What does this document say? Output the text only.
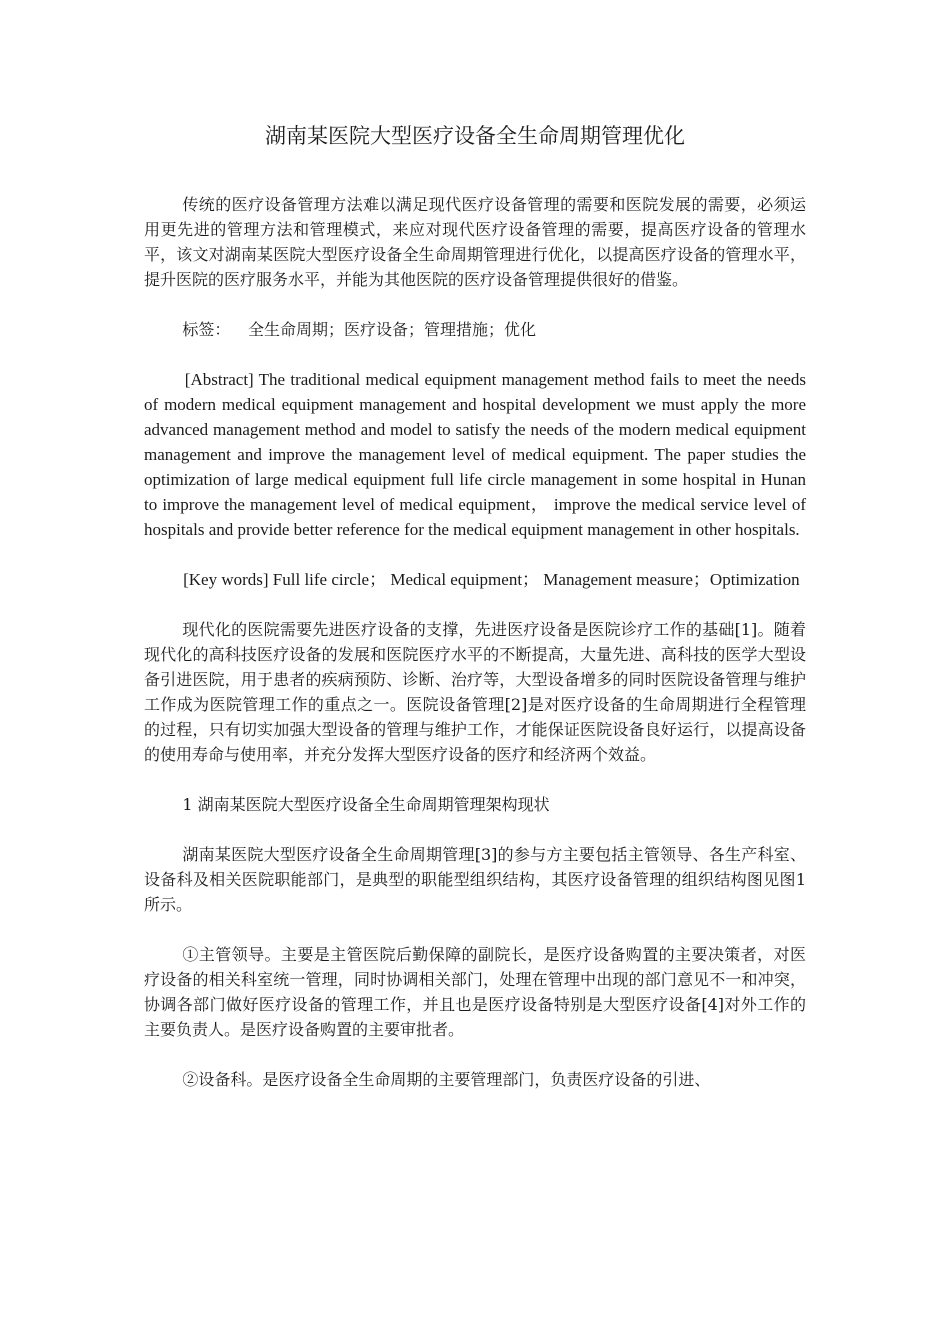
湖南某医院大型医疗设备全生命周期管理优化

传统的医疗设备管理方法难以满足现代医疗设备管理的需要和医院发展的需要，必须运用更先进的管理方法和管理模式，来应对现代医疗设备管理的需要，提高医疗设备的管理水平，该文对湖南某医院大型医疗设备全生命周期管理进行优化，以提高医疗设备的管理水平，提升医院的医疗服务水平，并能为其他医院的医疗设备管理提供很好的借鉴。

标签： 全生命周期；医疗设备；管理措施；优化

[Abstract] The traditional medical equipment management method fails to meet the needs of modern medical equipment management and hospital development we must apply the more advanced management method and model to satisfy the needs of the modern medical equipment management and improve the management level of medical equipment. The paper studies the optimization of large medical equipment full life circle management in some hospital in Hunan to improve the management level of medical equipment， improve the medical service level of hospitals and provide better reference for the medical equipment management in other hospitals.

[Key words] Full life circle； Medical equipment； Management measure；Optimization

现代化的医院需要先进医疗设备的支撑，先进医疗设备是医院诊疗工作的基础[1]。随着现代化的高科技医疗设备的发展和医院医疗水平的不断提高，大量先进、高科技的医学大型设备引进医院，用于患者的疾病预防、诊断、治疗等，大型设备增多的同时医院设备管理与维护工作成为医院管理工作的重点之一。医院设备管理[2]是对医疗设备的生命周期进行全程管理的过程，只有切实加强大型设备的管理与维护工作，才能保证医院设备良好运行，以提高设备的使用寿命与使用率，并充分发挥大型医疗设备的医疗和经济两个效益。

1 湖南某医院大型医疗设备全生命周期管理架构现状

湖南某医院大型医疗设备全生命周期管理[3]的参与方主要包括主管领导、各生产科室、设备科及相关医院职能部门，是典型的职能型组织结构，其医疗设备管理的组织结构图见图1 所示。

①主管领导。主要是主管医院后勤保障的副院长，是医疗设备购置的主要决策者，对医疗设备的相关科室统一管理，同时协调相关部门，处理在管理中出现的部门意见不一和冲突，协调各部门做好医疗设备的管理工作，并且也是医疗设备特别是大型医疗设备[4]对外工作的主要负责人。是医疗设备购置的主要审批者。

②设备科。是医疗设备全生命周期的主要管理部门，负责医疗设备的引进、
